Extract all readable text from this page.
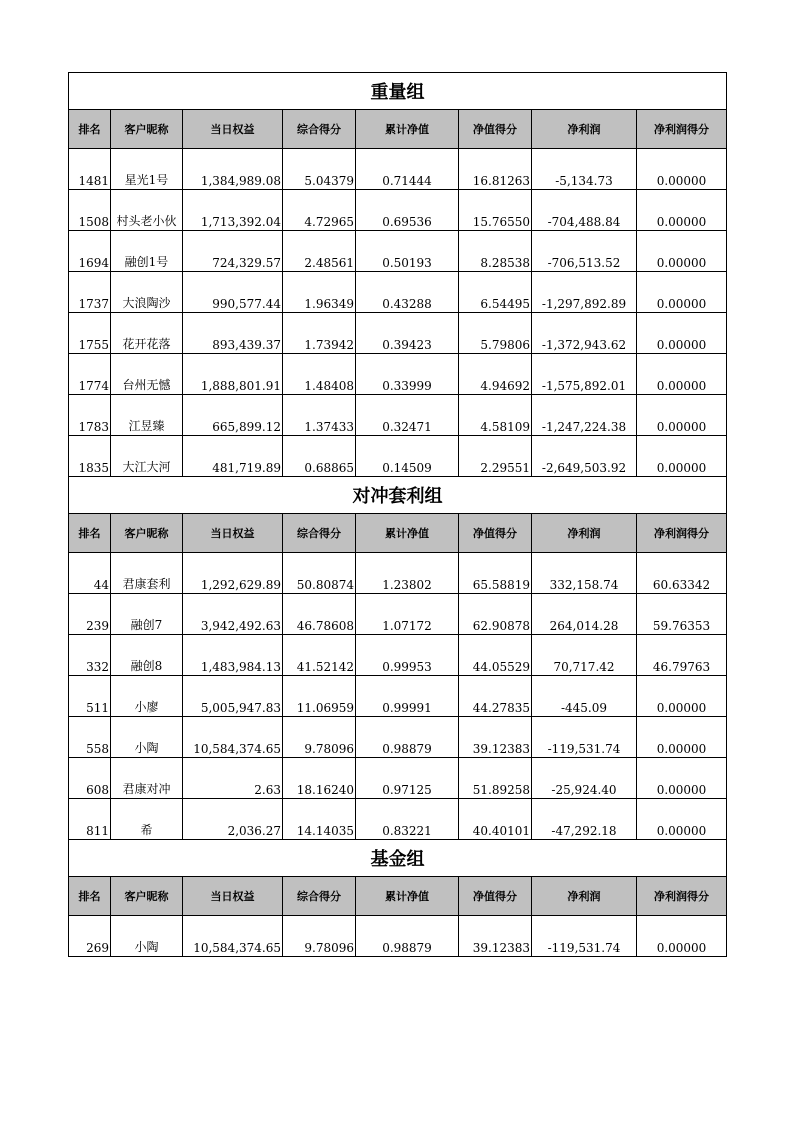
重量组							
排名	客户昵称	当日权益	综合得分	累计净值	净值得分	净利润	净利润得分
1481	星光1号	1,384,989.08	5.04379	0.71444	16.81263	-5,134.73	0.00000
1508	村头老小伙	1,713,392.04	4.72965	0.69536	15.76550	-704,488.84	0.00000
1694	融创1号	724,329.57	2.48561	0.50193	8.28538	-706,513.52	0.00000
1737	大浪陶沙	990,577.44	1.96349	0.43288	6.54495	-1,297,892.89	0.00000
1755	花开花落	893,439.37	1.73942	0.39423	5.79806	-1,372,943.62	0.00000
1774	台州无憾	1,888,801.91	1.48408	0.33999	4.94692	-1,575,892.01	0.00000
1783	江昱臻	665,899.12	1.37433	0.32471	4.58109	-1,247,224.38	0.00000
1835	大江大河	481,719.89	0.68865	0.14509	2.29551	-2,649,503.92	0.00000
对冲套利组							
排名	客户昵称	当日权益	综合得分	累计净值	净值得分	净利润	净利润得分
44	君康套利	1,292,629.89	50.80874	1.23802	65.58819	332,158.74	60.63342
239	融创7	3,942,492.63	46.78608	1.07172	62.90878	264,014.28	59.76353
332	融创8	1,483,984.13	41.52142	0.99953	44.05529	70,717.42	46.79763
511	小廖	5,005,947.83	11.06959	0.99991	44.27835	-445.09	0.00000
558	小陶	10,584,374.65	9.78096	0.98879	39.12383	-119,531.74	0.00000
608	君康对冲	2.63	18.16240	0.97125	51.89258	-25,924.40	0.00000
811	希	2,036.27	14.14035	0.83221	40.40101	-47,292.18	0.00000
基金组							
排名	客户昵称	当日权益	综合得分	累计净值	净值得分	净利润	净利润得分
269	小陶	10,584,374.65	9.78096	0.98879	39.12383	-119,531.74	0.00000
